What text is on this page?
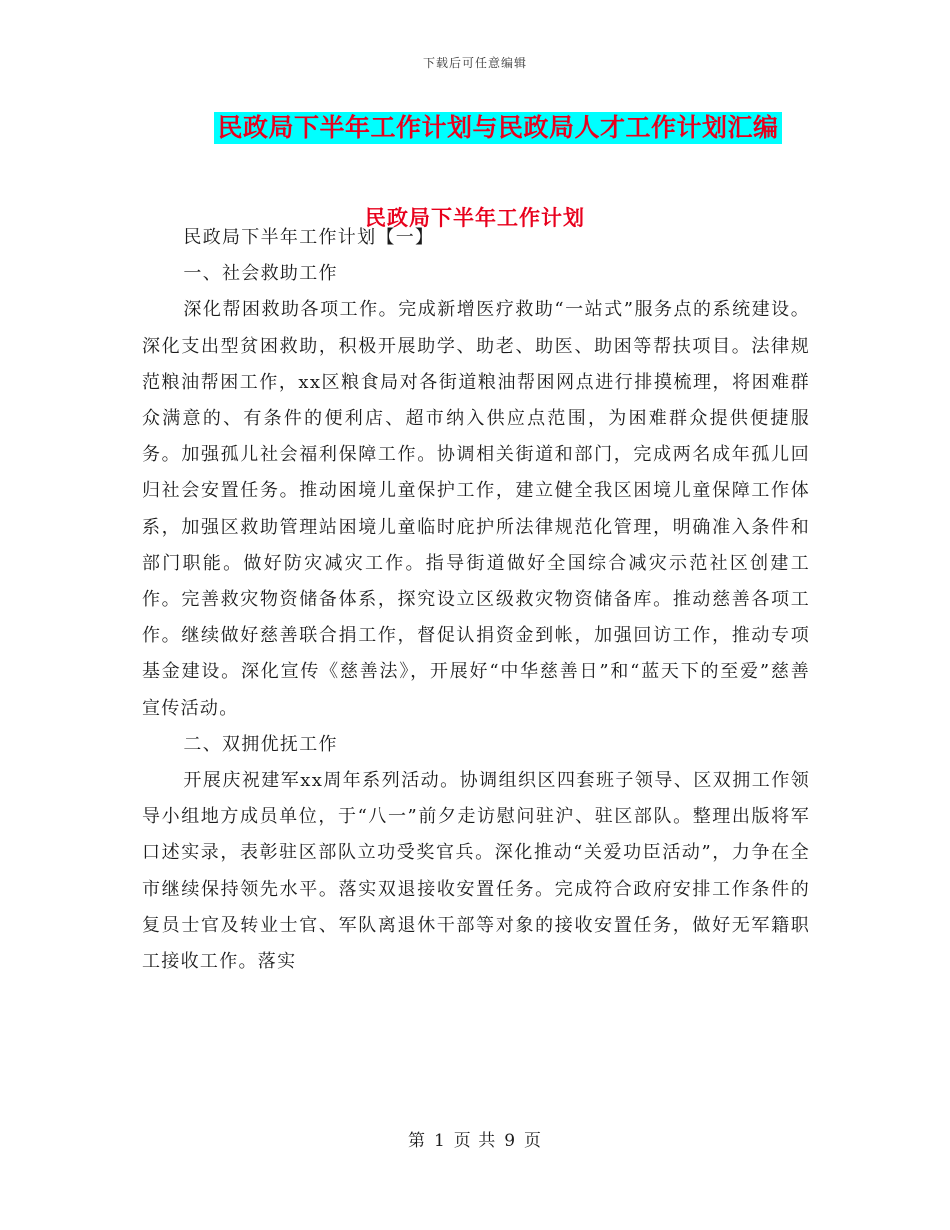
下载后可任意编辑
民政局下半年工作计划与民政局人才工作计划汇编
民政局下半年工作计划

民政局下半年工作计划【一】

一、社会救助工作

深化帮困救助各项工作。完成新增医疗救助“一站式”服务点的系统建设。深化支出型贫困救助，积极开展助学、助老、助医、助困等帮扶项目。法律规范粮油帮困工作，xx区粮食局对各街道粮油帮困网点进行排摸梳理，将困难群众满意的、有条件的便利店、超市纳入供应点范围，为困难群众提供便捷服务。加强孤儿社会福利保障工作。协调相关街道和部门，完成两名成年孤儿回归社会安置任务。推动困境儿童保护工作，建立健全我区困境儿童保障工作体系，加强区救助管理站困境儿童临时庇护所法律规范化管理，明确准入条件和部门职能。做好防灾减灾工作。指导街道做好全国综合减灾示范社区创建工作。完善救灾物资储备体系，探究设立区级救灾物资储备库。推动慈善各项工作。继续做好慈善联合捐工作，督促认捐资金到帐，加强回访工作，推动专项基金建设。深化宣传《慈善法》，开展好“中华慈善日”和“蓝天下的至爱”慈善宣传活动。

二、双拥优抚工作

开展庆祝建军xx周年系列活动。协调组织区四套班子领导、区双拥工作领导小组地方成员单位，于“八一”前夕走访慰问驻沪、驻区部队。整理出版将军口述实录，表彰驻区部队立功受奖官兵。深化推动“关爱功臣活动”，力争在全市继续保持领先水平。落实双退接收安置任务。完成符合政府安排工作条件的复员士官及转业士官、军队离退休干部等对象的接收安置任务，做好无军籍职工接收工作。落实

第 1 页 共 9 页
